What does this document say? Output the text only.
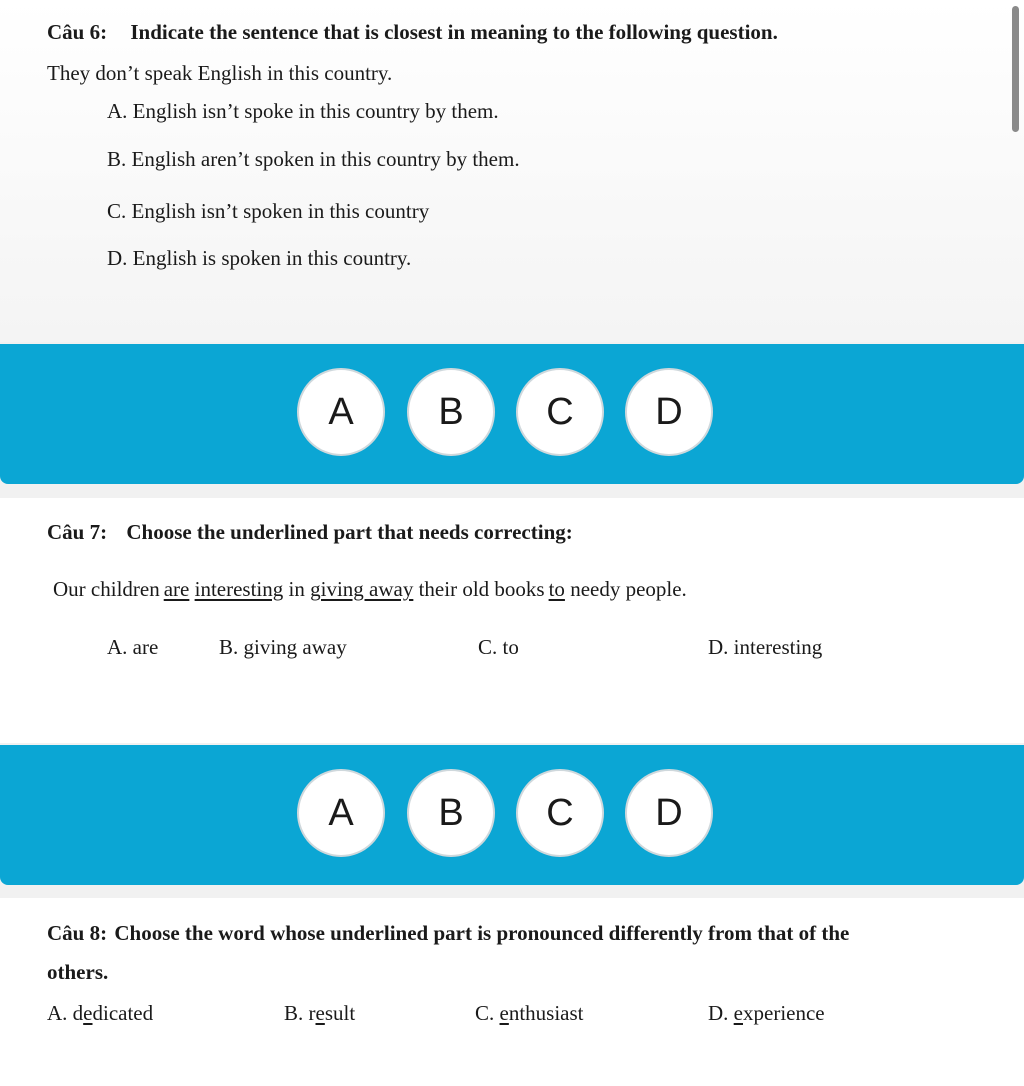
Câu 6: Indicate the sentence that is closest in meaning to the following question.
They don’t speak English in this country.
A. English isn’t spoke in this country by them.
B. English aren’t spoken in this country by them.
C. English isn’t spoken in this country
D. English is spoken in this country.
A	B	C	D
Câu 7: Choose the underlined part that needs correcting:
Our children are interesting in giving away their old books to needy people.
A. are	B. giving away	C. to	D. interesting
A	B	C	D
Câu 8: Choose the word whose underlined part is pronounced differently from that of the
others.
A. dedicated	B. result	C. enthusiast	D. experience
